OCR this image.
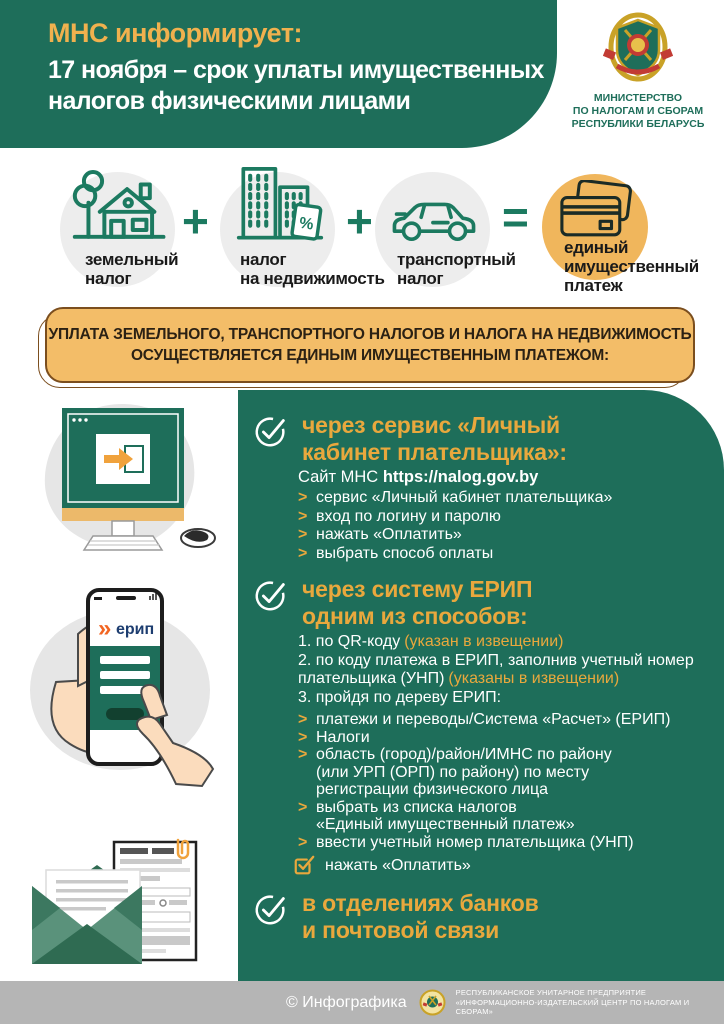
МНС информирует:
17 ноября – срок уплаты имущественных
налогов физическими лицами	МИНИСТЕРСТВО
ПО НАЛОГАМ И СБОРАМ
РЕСПУБЛИКИ БЕЛАРУСЬ
земельный
налог
+	%
налог
на недвижимость
+
транспортный
налог
=
единый
имущественный
платеж
УПЛАТА ЗЕМЕЛЬНОГО, ТРАНСПОРТНОГО НАЛОГОВ И НАЛОГА НА НЕДВИЖИМОСТЬ
ОСУЩЕСТВЛЯЕТСЯ ЕДИНЫМ ИМУЩЕСТВЕННЫМ ПЛАТЕЖОМ:
» ерип
через сервис «Личный
кабинет плательщика»:
Сайт МНС https://nalog.gov.by
> сервис «Личный кабинет плательщика»
> вход по логину и паролю
> нажать «Оплатить»
> выбрать способ оплаты
через систему ЕРИП
одним из способов:
1. по QR-коду (указан в извещении)
2. по коду платежа в ЕРИП, заполнив учетный номер плательщика (УНП) (указаны в извещении)
3. пройдя по дереву ЕРИП:
> платежи и переводы/Система «Расчет» (ЕРИП)
> Налоги
> область (город)/район/ИМНС по району (или УРП (ОРП) по району) по месту регистрации физического лица
> выбрать из списка налогов «Единый имущественный платеж»
> ввести учетный номер плательщика (УНП)
нажать «Оплатить»
в отделениях банков
и почтовой связи
© Инфографика
РЕСПУБЛИКАНСКОЕ УНИТАРНОЕ ПРЕДПРИЯТИЕ
«ИНФОРМАЦИОННО-ИЗДАТЕЛЬСКИЙ ЦЕНТР ПО НАЛОГАМ И СБОРАМ»
